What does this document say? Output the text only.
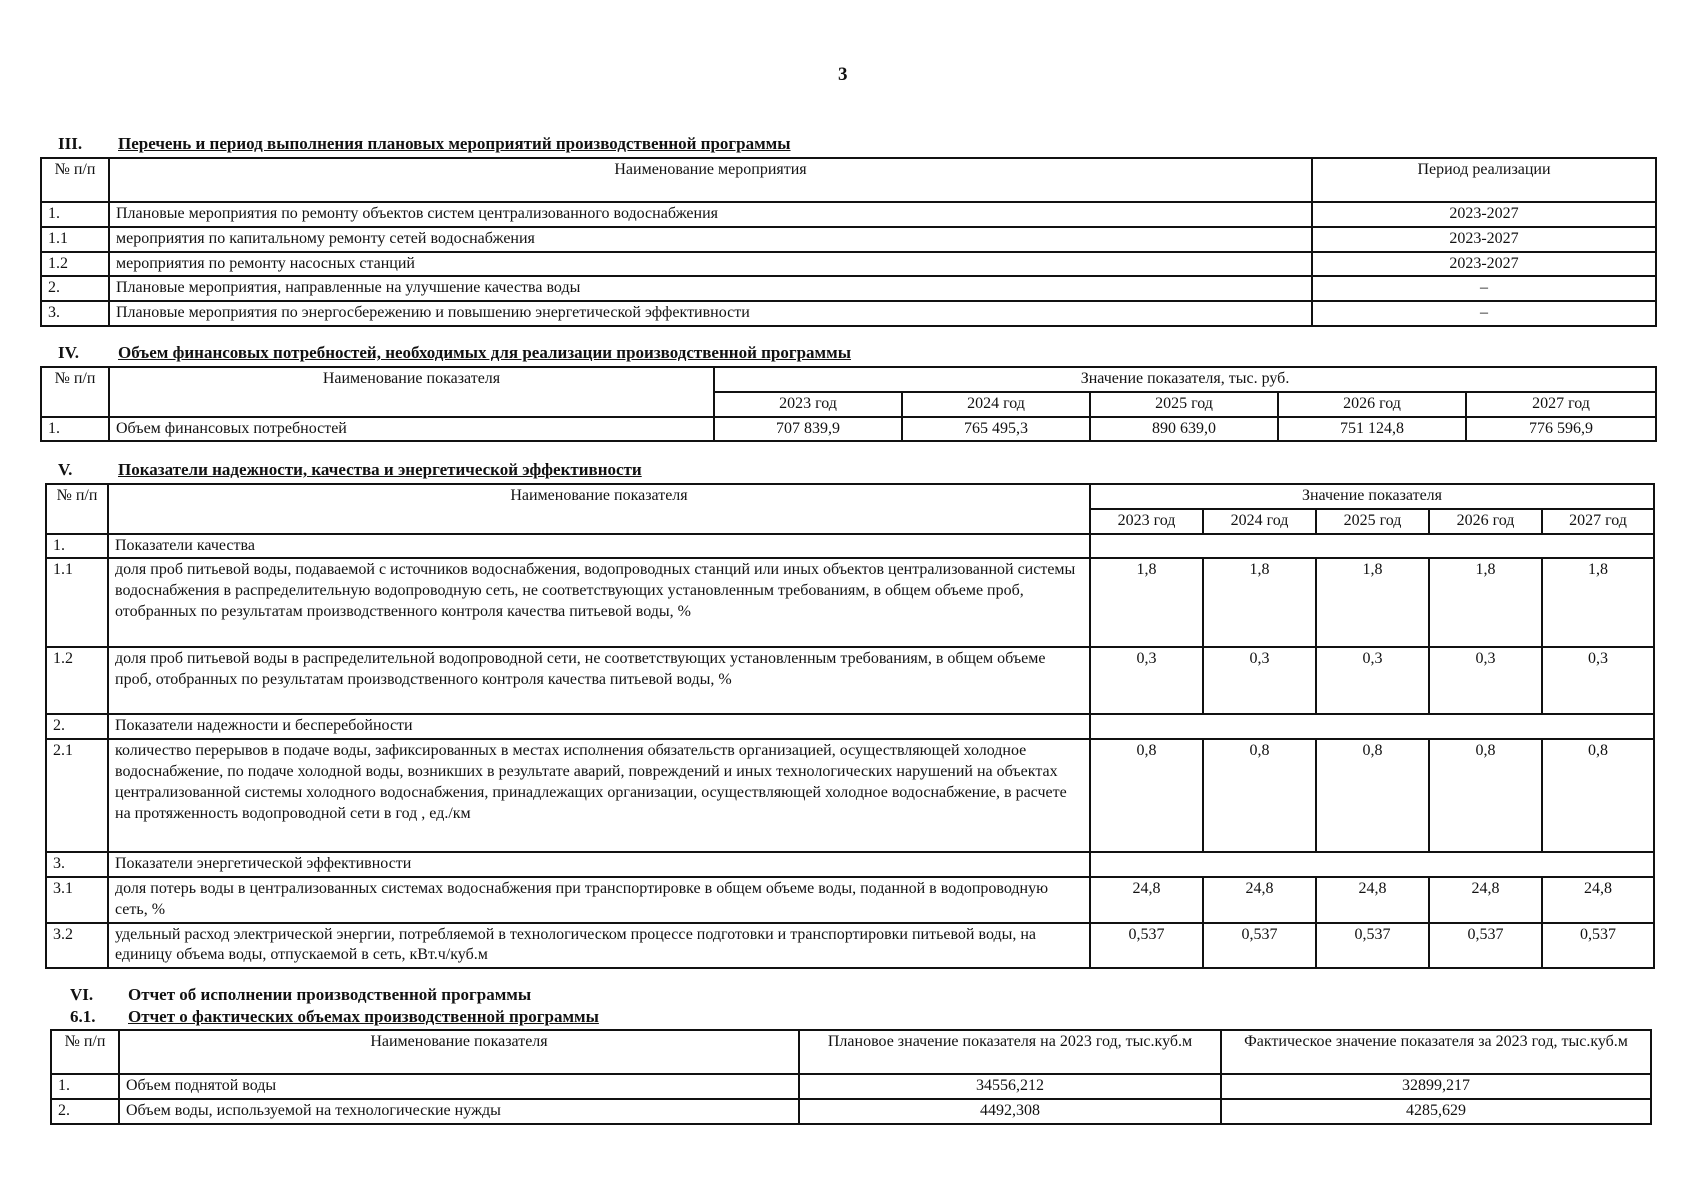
3
III. Перечень и период выполнения плановых мероприятий производственной программы
№ п/п	Наименование мероприятия	Период реализации
1.	Плановые мероприятия по ремонту объектов систем централизованного водоснабжения	2023-2027
1.1	мероприятия по капитальному ремонту сетей водоснабжения	2023-2027
1.2	мероприятия по ремонту насосных станций	2023-2027
2.	Плановые мероприятия, направленные на улучшение качества воды	–
3.	Плановые мероприятия по энергосбережению и повышению энергетической эффективности	–
IV. Объем финансовых потребностей, необходимых для реализации производственной программы
№ п/п	Наименование показателя	Значение показателя, тыс. руб.				
		2023 год	2024 год	2025 год	2026 год	2027 год
1.	Объем финансовых потребностей	707 839,9	765 495,3	890 639,0	751 124,8	776 596,9
V.	Показатели надежности, качества и энергетической эффективности
№ п/п	Наименование показателя	Значение показателя				
		2023 год	2024 год	2025 год	2026 год	2027 год
1.	Показатели качества					
1.1	доля проб питьевой воды, подаваемой с источников водоснабжения, водопроводных станций или иных объектов централизованной системы водоснабжения в распределительную водопроводную сеть, не соответствующих установленным требованиям, в общем объеме проб, отобранных по результатам производственного контроля качества питьевой воды, %	1,8	1,8	1,8	1,8	1,8
1.2	доля проб питьевой воды в распределительной водопроводной сети, не соответствующих установленным требованиям, в общем объеме проб, отобранных по результатам производственного контроля качества питьевой воды, %	0,3	0,3	0,3	0,3	0,3
2.	Показатели надежности и бесперебойности					
2.1	количество перерывов в подаче воды, зафиксированных в местах исполнения обязательств организацией, осуществляющей холодное водоснабжение, по подаче холодной воды, возникших в результате аварий, повреждений и иных технологических нарушений на объектах централизованной системы холодного водоснабжения, принадлежащих организации, осуществляющей холодное водоснабжение, в расчете на протяженность водопроводной сети в год , ед./км	0,8	0,8	0,8	0,8	0,8
3.	Показатели энергетической эффективности					
3.1	доля потерь воды в централизованных системах водоснабжения при транспортировке в общем объеме воды, поданной в водопроводную сеть, %	24,8	24,8	24,8	24,8	24,8
3.2	удельный расход электрической энергии, потребляемой в технологическом процессе подготовки и транспортировки питьевой воды, на единицу объема воды, отпускаемой в сеть, кВт.ч/куб.м	0,537	0,537	0,537	0,537	0,537
VI. Отчет об исполнении производственной программы
6.1. Отчет о фактических объемах производственной программы
№ п/п	Наименование показателя	Плановое значение показателя на 2023 год, тыс.куб.м	Фактическое значение показателя за 2023 год, тыс.куб.м
1.	Объем поднятой воды	34556,212	32899,217
2.	Объем воды, используемой на технологические нужды	4492,308	4285,629
